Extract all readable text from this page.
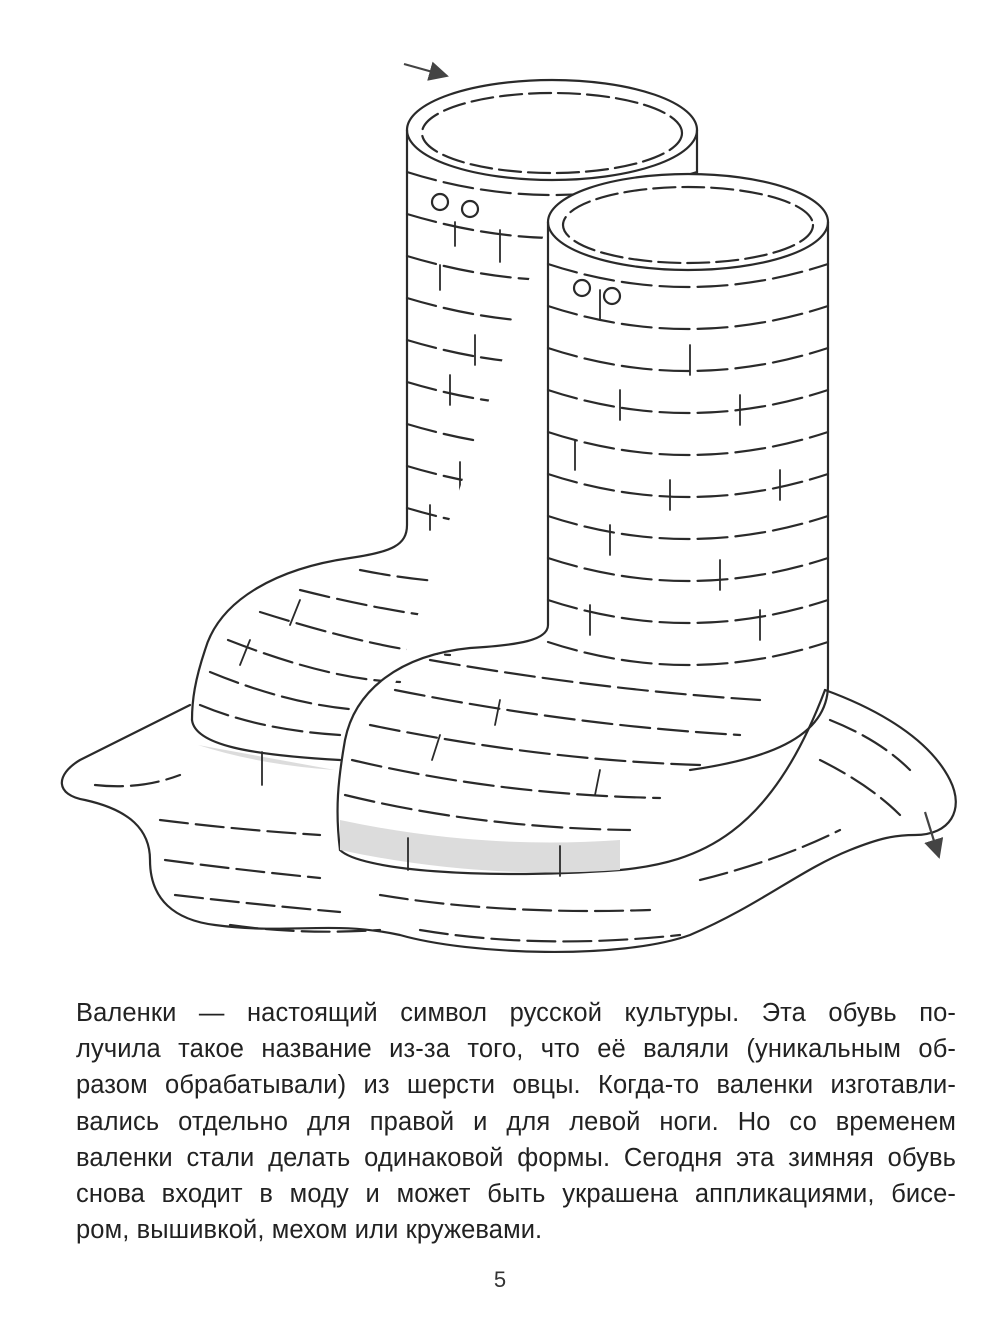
Валенки — настоящий символ русской культуры. Эта обувь по-
лучила такое название из-за того, что её валяли (уникальным об-
разом обрабатывали) из шерсти овцы. Когда-то валенки изготавли-
вались отдельно для правой и для левой ноги. Но со временем
валенки стали делать одинаковой формы. Сегодня эта зимняя обувь
снова входит в моду и может быть украшена аппликациями, бисе-
ром, вышивкой, мехом или кружевами.
5
